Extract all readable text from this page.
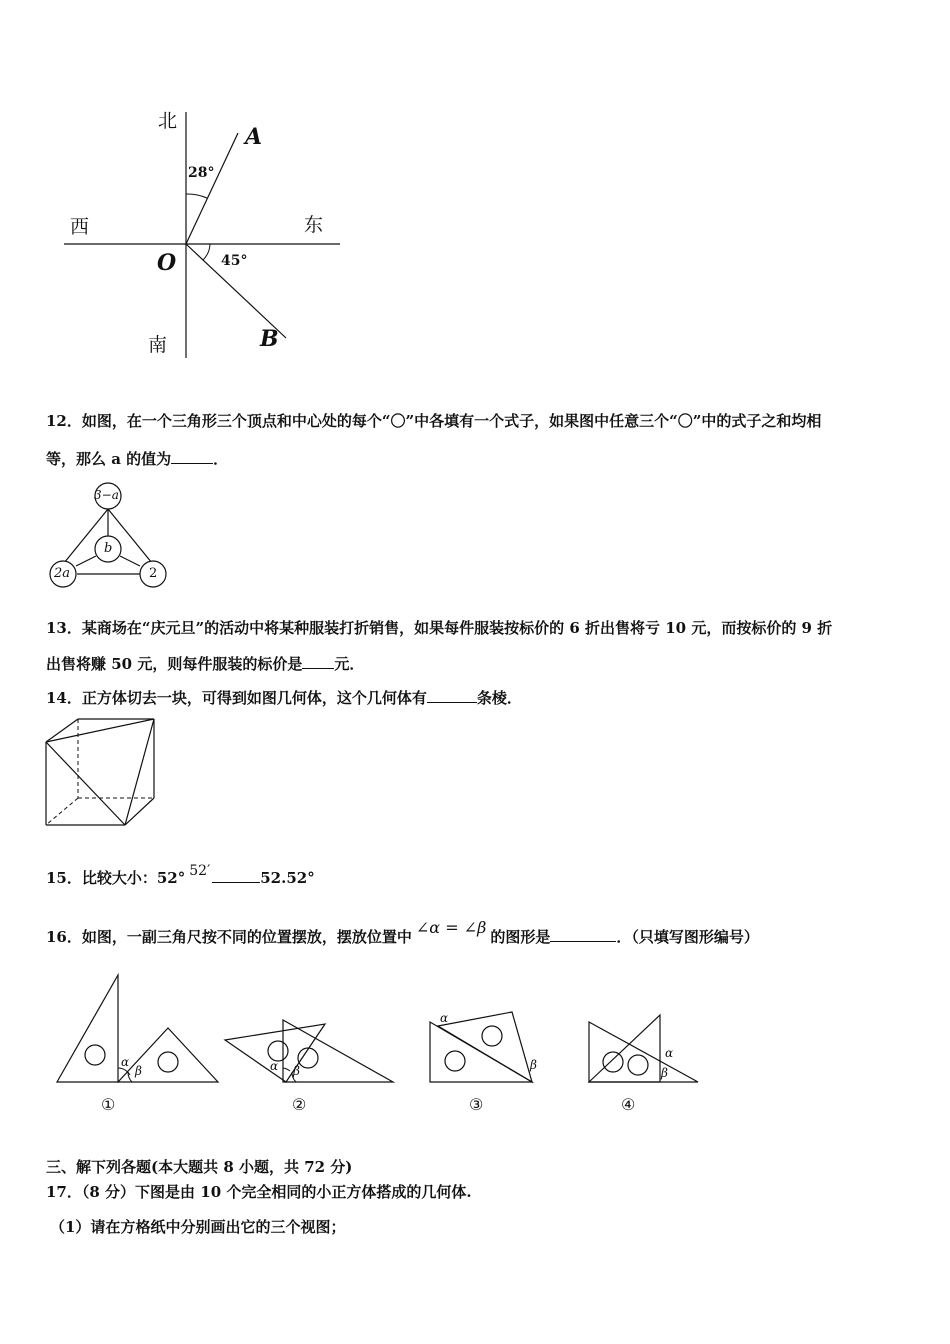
北
南
西	东
O
A
B
28°
45°
12．如图，在一个三角形三个顶点和中心处的每个“〇”中各填有一个式子，如果图中任意三个“〇”中的式子之和均相
等，那么 a 的值为	．
3−a
b
2a	2
13．某商场在“庆元旦”的活动中将某种服装打折销售，如果每件服装按标价的 6 折出售将亏 10 元，而按标价的 9 折
出售将赚 50 元，则每件服装的标价是 元．
14．正方体切去一块，可得到如图几何体，这个几何体有	条棱．
15．比较大小：52° 52′	52.52°
16．如图，一副三角尺按不同的位置摆放，摆放位置中 ∠α = ∠β 的图形是	．（只填写图形编号）
α
β	α β
α
β
α
β
①	②	③	④
三、解下列各题(本大题共 8 小题，共 72 分)
17．（8 分）下图是由 10 个完全相同的小正方体搭成的几何体.
（1）请在方格纸中分别画出它的三个视图；
